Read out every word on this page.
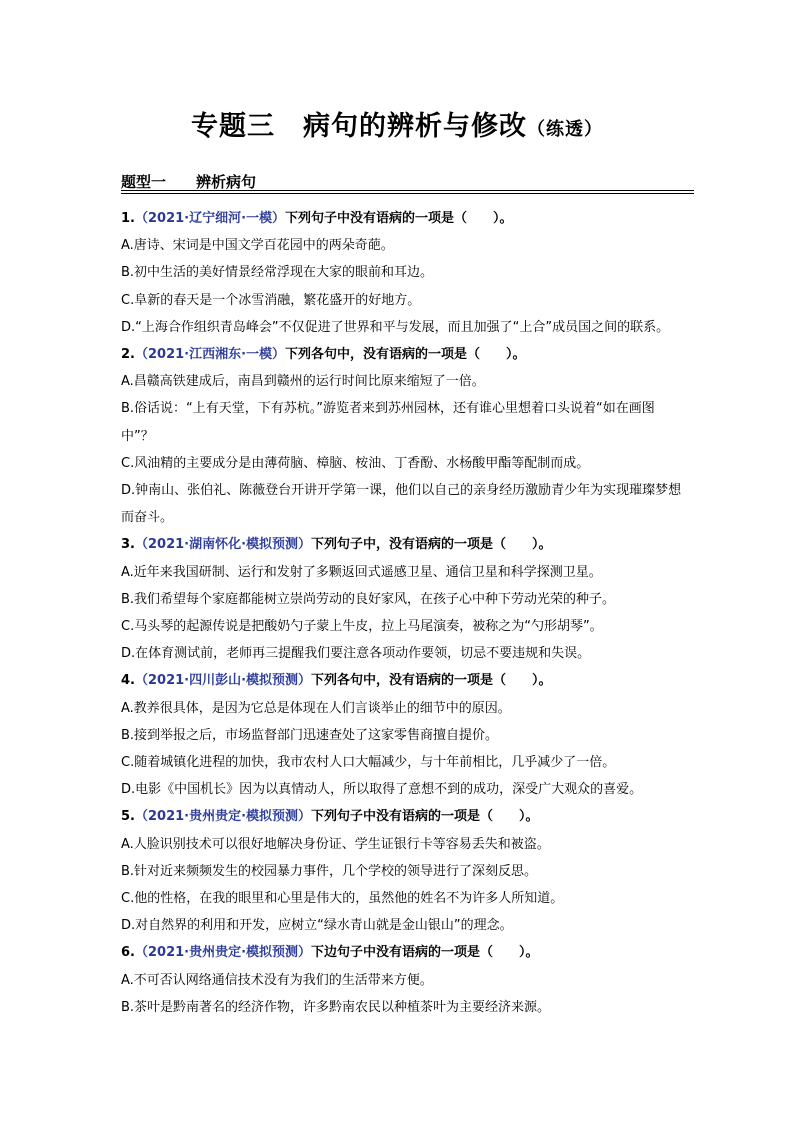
专题三　病句的辨析与修改（练透）
题型一　　辨析病句
1.（2021·辽宁细河·一模）下列句子中没有语病的一项是（　　）。
A.唐诗、宋词是中国文学百花园中的两朵奇葩。
B.初中生活的美好情景经常浮现在大家的眼前和耳边。
C.阜新的春天是一个冰雪消融，繁花盛开的好地方。
D.“上海合作组织青岛峰会”不仅促进了世界和平与发展，而且加强了“上合”成员国之间的联系。
2.（2021·江西湘东·一模）下列各句中，没有语病的一项是（　　）。
A.昌赣高铁建成后，南昌到赣州的运行时间比原来缩短了一倍。
B.俗话说：“上有天堂，下有苏杭。”游览者来到苏州园林，还有谁心里想着口头说着“如在画图
中”？
C.风油精的主要成分是由薄荷脑、樟脑、桉油、丁香酚、水杨酸甲酯等配制而成。
D.钟南山、张伯礼、陈薇登台开讲开学第一课，他们以自己的亲身经历激励青少年为实现璀璨梦想
而奋斗。
3.（2021·湖南怀化·模拟预测）下列句子中，没有语病的一项是（　　）。
A.近年来我国研制、运行和发射了多颗返回式遥感卫星、通信卫星和科学探测卫星。
B.我们希望每个家庭都能树立崇尚劳动的良好家风，在孩子心中种下劳动光荣的种子。
C.马头琴的起源传说是把酸奶勺子蒙上牛皮，拉上马尾演奏，被称之为“勺形胡琴”。
D.在体育测试前，老师再三提醒我们要注意各项动作要领，切忌不要违规和失误。
4.（2021·四川彭山·模拟预测）下列各句中，没有语病的一项是（　　）。
A.教养很具体，是因为它总是体现在人们言谈举止的细节中的原因。
B.接到举报之后，市场监督部门迅速查处了这家零售商擅自提价。
C.随着城镇化进程的加快，我市农村人口大幅减少，与十年前相比，几乎减少了一倍。
D.电影《中国机长》因为以真情动人，所以取得了意想不到的成功，深受广大观众的喜爱。
5.（2021·贵州贵定·模拟预测）下列句子中没有语病的一项是（　　）。
A.人脸识别技术可以很好地解决身份证、学生证银行卡等容易丢失和被盗。
B.针对近来频频发生的校园暴力事件，几个学校的领导进行了深刻反思。
C.他的性格，在我的眼里和心里是伟大的，虽然他的姓名不为许多人所知道。
D.对自然界的利用和开发，应树立“绿水青山就是金山银山”的理念。
6.（2021·贵州贵定·模拟预测）下边句子中没有语病的一项是（　　）。
A.不可否认网络通信技术没有为我们的生活带来方便。
B.茶叶是黔南著名的经济作物，许多黔南农民以种植茶叶为主要经济来源。
